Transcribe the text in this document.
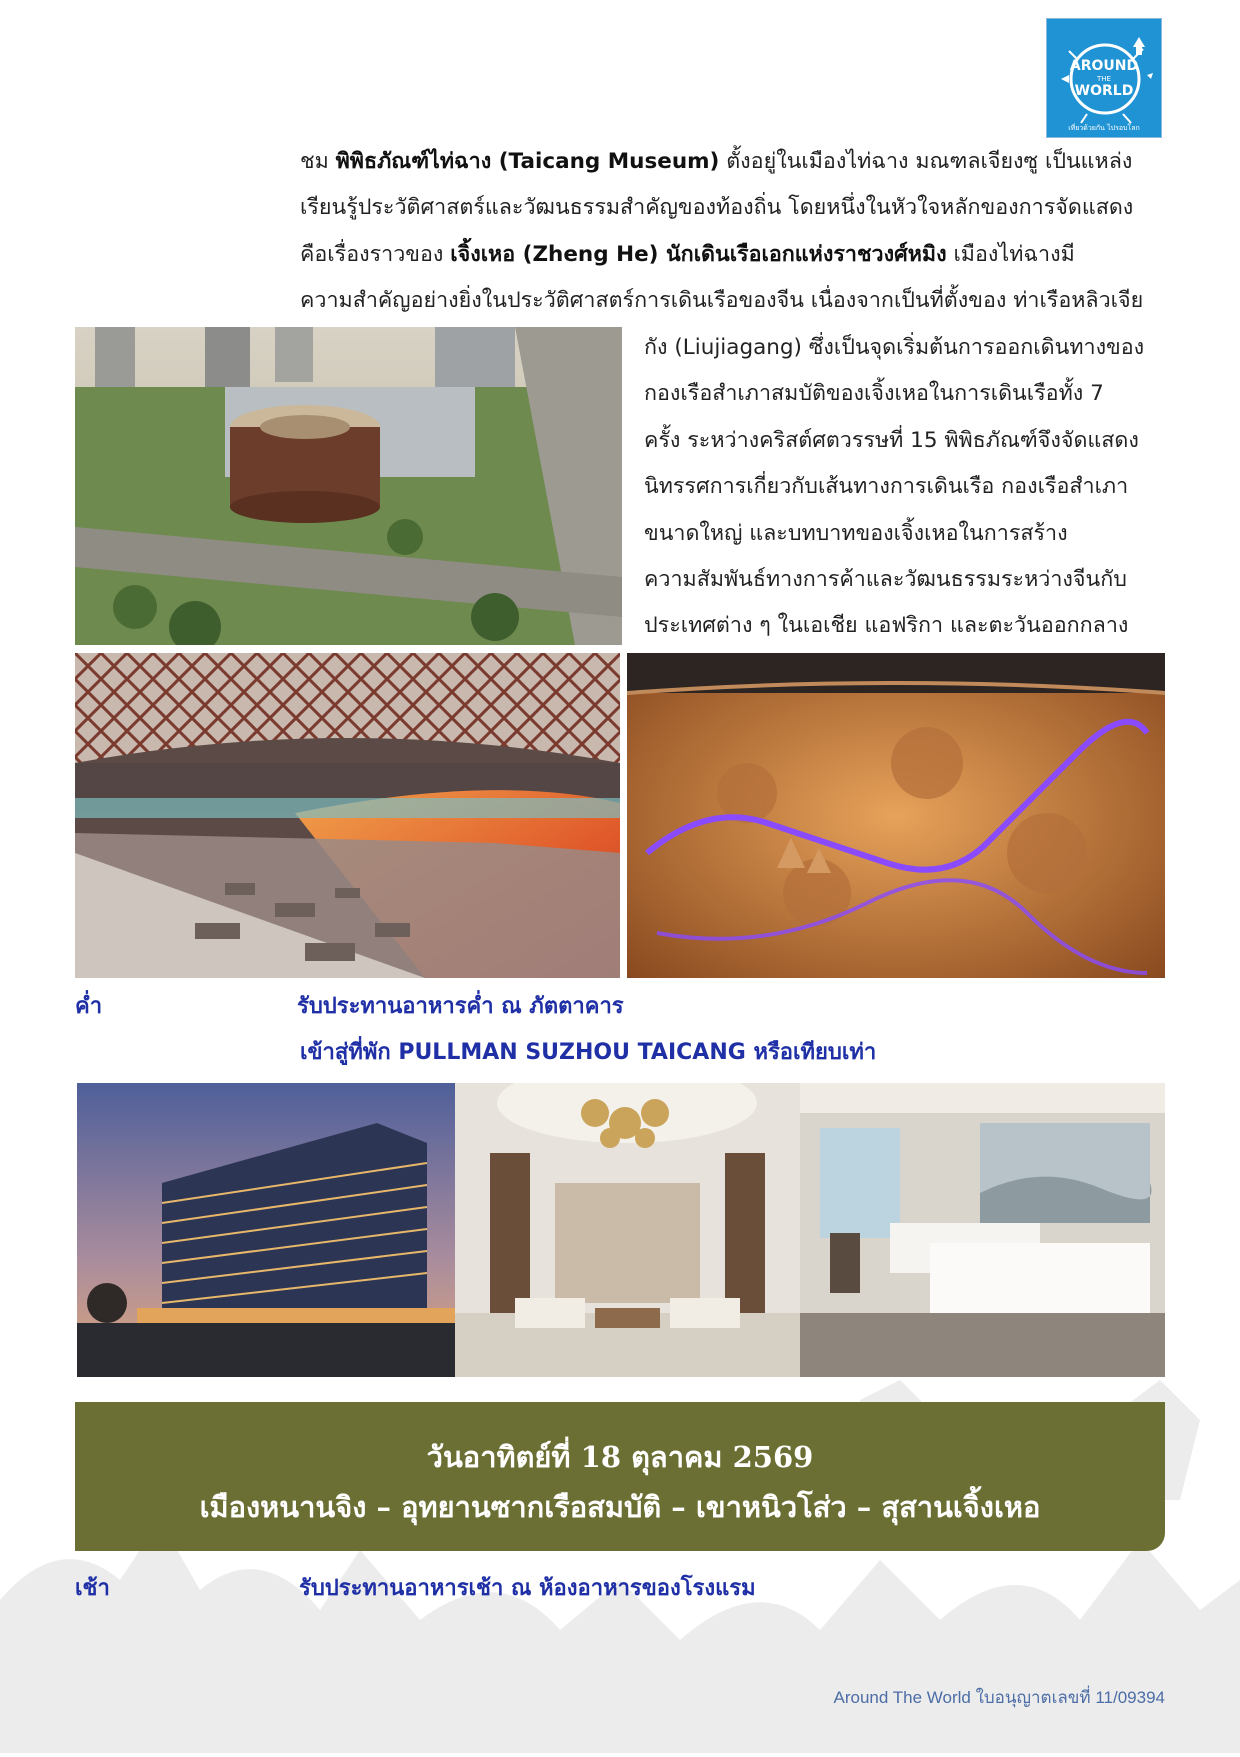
AROUND
THE
WORLD
เที่ยวด้วยกัน ไปรอบโลก
ชม พิพิธภัณฑ์ไท่ฉาง (Taicang Museum) ตั้งอยู่ในเมืองไท่ฉาง มณฑลเจียงซู เป็นแหล่ง
เรียนรู้ประวัติศาสตร์และวัฒนธรรมสำคัญของท้องถิ่น โดยหนึ่งในหัวใจหลักของการจัดแสดง
คือเรื่องราวของ เจิ้งเหอ (Zheng He) นักเดินเรือเอกแห่งราชวงศ์หมิง เมืองไท่ฉางมี
ความสำคัญอย่างยิ่งในประวัติศาสตร์การเดินเรือของจีน เนื่องจากเป็นที่ตั้งของ ท่าเรือหลิวเจีย
กัง (Liujiagang) ซึ่งเป็นจุดเริ่มต้นการออกเดินทางของ
กองเรือสำเภาสมบัติของเจิ้งเหอในการเดินเรือทั้ง 7
ครั้ง ระหว่างคริสต์ศตวรรษที่ 15 พิพิธภัณฑ์จึงจัดแสดง
นิทรรศการเกี่ยวกับเส้นทางการเดินเรือ กองเรือสำเภา
ขนาดใหญ่ และบทบาทของเจิ้งเหอในการสร้าง
ความสัมพันธ์ทางการค้าและวัฒนธรรมระหว่างจีนกับ
ประเทศต่าง ๆ ในเอเชีย แอฟริกา และตะวันออกกลาง
ค่ำ	รับประทานอาหารค่ำ ณ ภัตตาคาร
เข้าสู่ที่พัก PULLMAN SUZHOU TAICANG หรือเทียบเท่า
วันอาทิตย์ที่ 18 ตุลาคม 2569
เมืองหนานจิง – อุทยานซากเรือสมบัติ – เขาหนิวโส่ว – สุสานเจิ้งเหอ
เช้า	รับประทานอาหารเช้า ณ ห้องอาหารของโรงแรม
Around The World ใบอนุญาตเลขที่ 11/09394
